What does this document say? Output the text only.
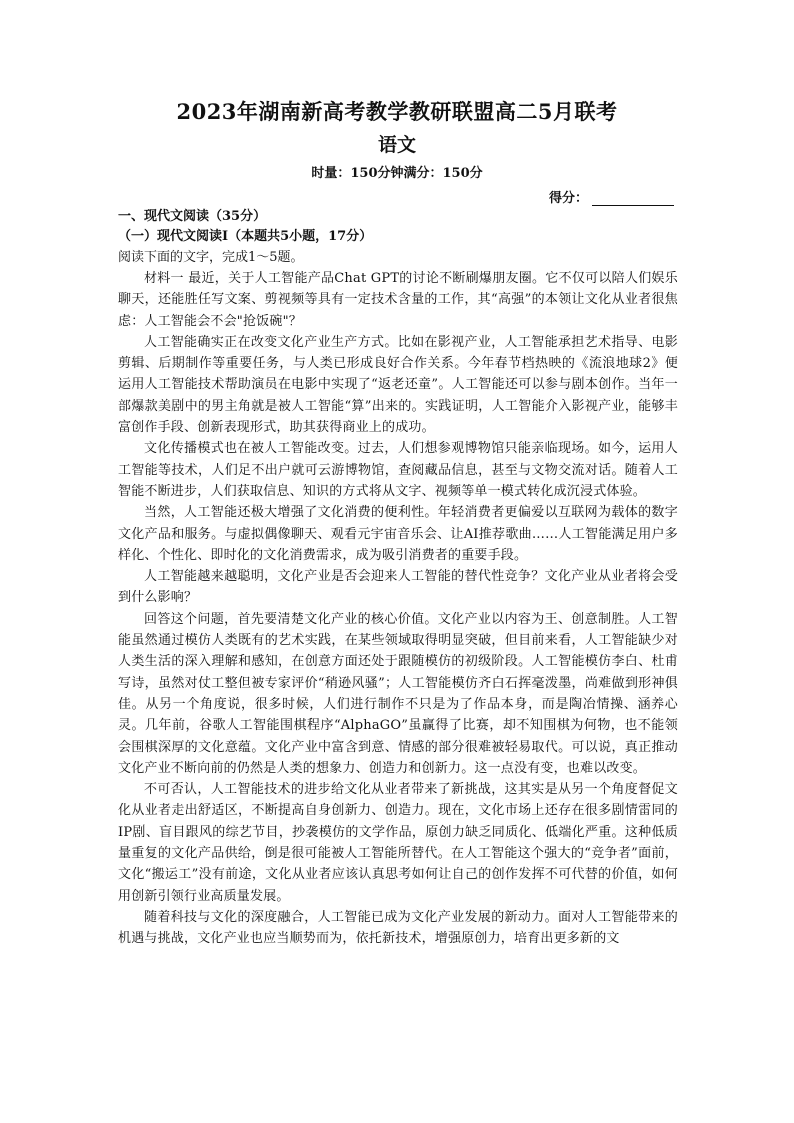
2023年湖南新高考教学教研联盟高二5月联考
语文
时量：150分钟满分：150分
得分：

一、现代文阅读（35分）

（一）现代文阅读Ⅰ（本题共5小题，17分）

阅读下面的文字，完成1～5题。

材料一 最近，关于人工智能产品Chat GPT的讨论不断刷爆朋友圈。它不仅可以陪人们娱乐聊天，还能胜任写文案、剪视频等具有一定技术含量的工作，其“高强”的本领让文化从业者很焦虑：人工智能会不会"抢饭碗"？

人工智能确实正在改变文化产业生产方式。比如在影视产业，人工智能承担艺术指导、电影剪辑、后期制作等重要任务，与人类已形成良好合作关系。今年春节档热映的《流浪地球2》便运用人工智能技术帮助演员在电影中实现了“返老还童”。人工智能还可以参与剧本创作。当年一部爆款美剧中的男主角就是被人工智能“算”出来的。实践证明，人工智能介入影视产业，能够丰富创作手段、创新表现形式，助其获得商业上的成功。

文化传播模式也在被人工智能改变。过去，人们想参观博物馆只能亲临现场。如今，运用人工智能等技术，人们足不出户就可云游博物馆，查阅藏品信息，甚至与文物交流对话。随着人工智能不断进步，人们获取信息、知识的方式将从文字、视频等单一模式转化成沉浸式体验。

当然，人工智能还极大增强了文化消费的便利性。年轻消费者更偏爱以互联网为载体的数字文化产品和服务。与虚拟偶像聊天、观看元宇宙音乐会、让AI推荐歌曲……人工智能满足用户多样化、个性化、即时化的文化消费需求，成为吸引消费者的重要手段。

人工智能越来越聪明，文化产业是否会迎来人工智能的替代性竞争？文化产业从业者将会受到什么影响？

回答这个问题，首先要清楚文化产业的核心价值。文化产业以内容为王、创意制胜。人工智能虽然通过模仿人类既有的艺术实践，在某些领域取得明显突破，但目前来看，人工智能缺少对人类生活的深入理解和感知，在创意方面还处于跟随模仿的初级阶段。人工智能模仿李白、杜甫写诗，虽然对仗工整但被专家评价“稍逊风骚”；人工智能模仿齐白石挥毫泼墨，尚难做到形神俱佳。从另一个角度说，很多时候，人们进行制作不只是为了作品本身，而是陶冶情操、涵养心灵。几年前，谷歌人工智能围棋程序“AlphaGO”虽赢得了比赛，却不知围棋为何物，也不能领会围棋深厚的文化意蕴。文化产业中富含到意、情感的部分很难被轻易取代。可以说，真正推动文化产业不断向前的仍然是人类的想象力、创造力和创新力。这一点没有变，也难以改变。

不可否认，人工智能技术的进步给文化从业者带来了新挑战，这其实是从另一个角度督促文化从业者走出舒适区，不断提高自身创新力、创造力。现在，文化市场上还存在很多剧情雷同的IP剧、盲目跟风的综艺节目，抄袭模仿的文学作品，原创力缺乏同质化、低端化严重。这种低质量重复的文化产品供给，倒是很可能被人工智能所替代。在人工智能这个强大的“竞争者”面前，文化“搬运工”没有前途，文化从业者应该认真思考如何让自己的创作发挥不可代替的价值，如何用创新引领行业高质量发展。

随着科技与文化的深度融合，人工智能已成为文化产业发展的新动力。面对人工智能带来的机遇与挑战，文化产业也应当顺势而为，依托新技术，增强原创力，培育出更多新的文
